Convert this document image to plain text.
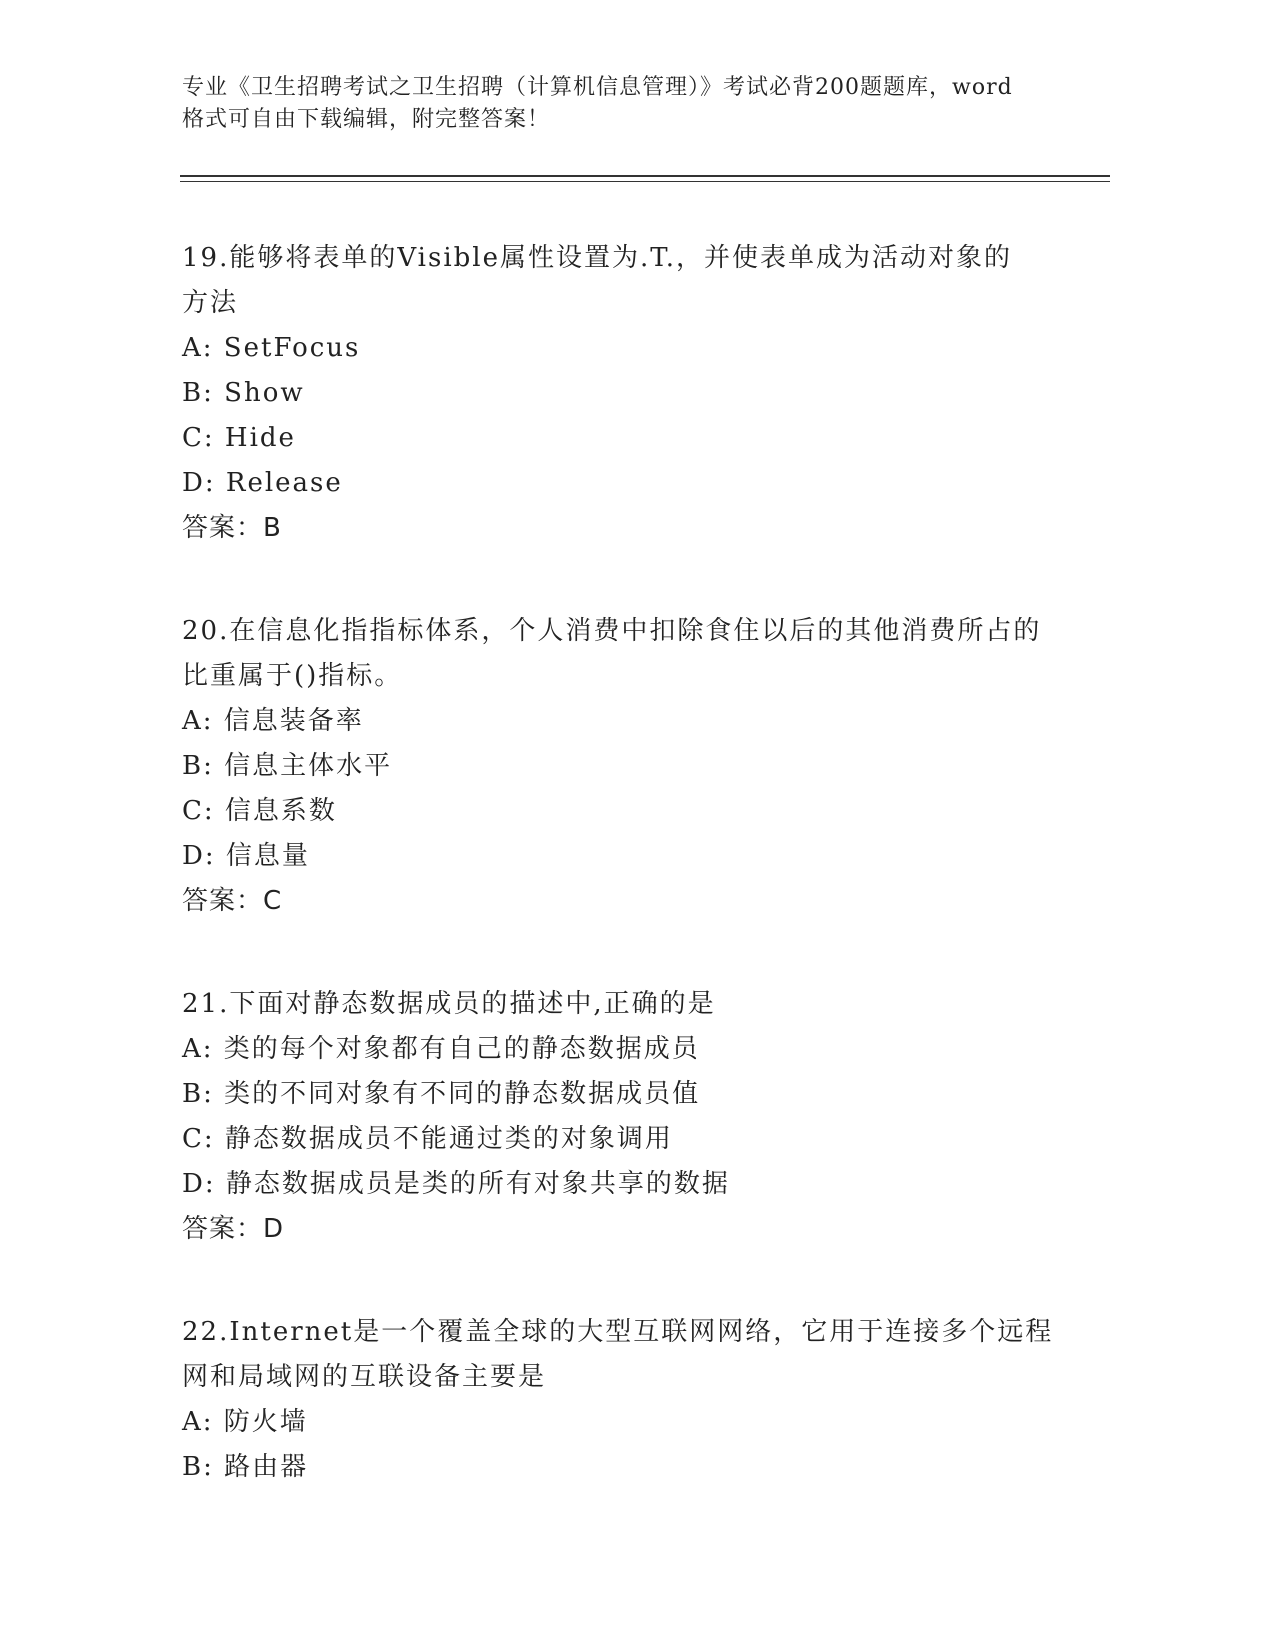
专业《卫生招聘考试之卫生招聘（计算机信息管理）》考试必背200题题库，word
格式可自由下载编辑，附完整答案！
19.能够将表单的Visible属性设置为.T.，并使表单成为活动对象的
方法
A: SetFocus
B: Show
C: Hide
D: Release
答案：B
20.在信息化指指标体系，个人消费中扣除食住以后的其他消费所占的
比重属于()指标。
A: 信息装备率
B: 信息主体水平
C: 信息系数
D: 信息量
答案：C
21.下面对静态数据成员的描述中,正确的是
A: 类的每个对象都有自己的静态数据成员
B: 类的不同对象有不同的静态数据成员值
C: 静态数据成员不能通过类的对象调用
D: 静态数据成员是类的所有对象共享的数据
答案：D
22.Internet是一个覆盖全球的大型互联网网络，它用于连接多个远程
网和局域网的互联设备主要是
A: 防火墙
B: 路由器
